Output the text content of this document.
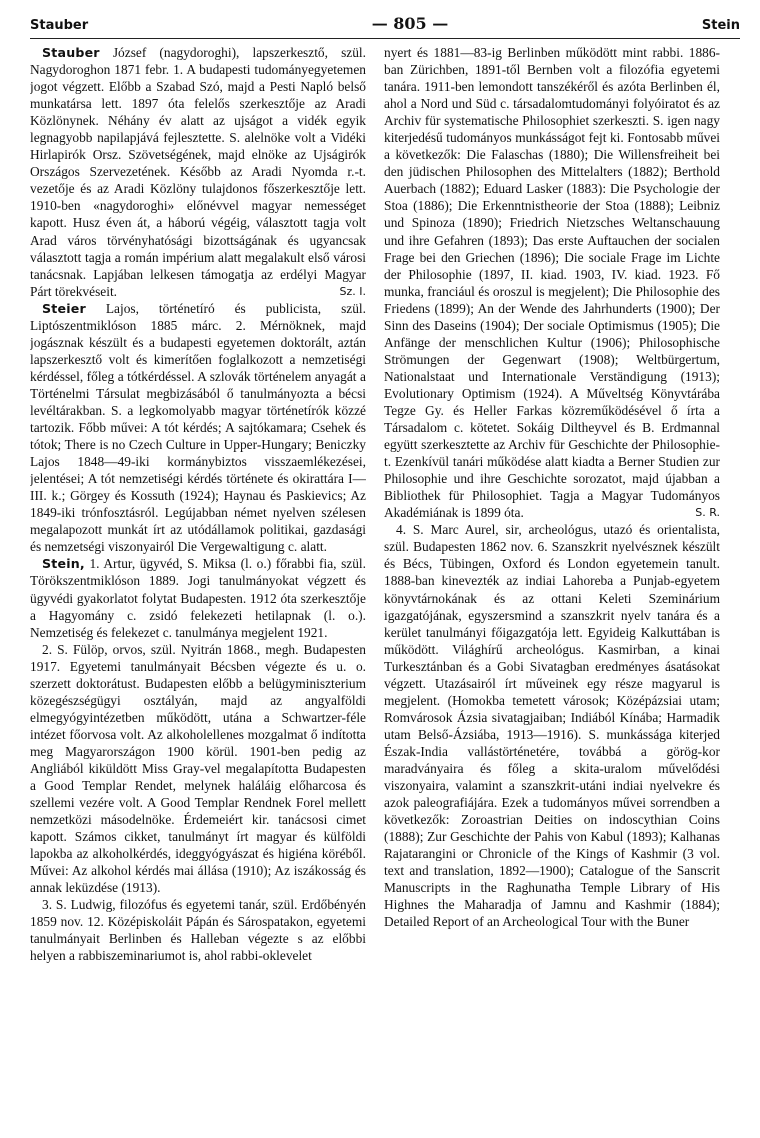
Stauber	— 805 —	Stein

Stauber József (nagydoroghi), lapszerkesztő, szül. Nagydoroghon 1871 febr. 1. A budapesti tudományegyetemen jogot végzett. Előbb a Szabad Szó, majd a Pesti Napló belső munkatársa lett. 1897 óta felelős szerkesztője az Aradi Közlönynek. Néhány év alatt az ujságot a vidék egyik legnagyobb napilapjává fejlesztette. S. alelnöke volt a Vidéki Hirlapirók Orsz. Szövetségének, majd elnöke az Ujságirók Országos Szervezetének. Később az Aradi Nyomda r.-t. vezetője és az Aradi Közlöny tulajdonos főszerkesztője lett. 1910-ben «nagydoroghi» előnévvel magyar nemességet kapott. Husz éven át, a háború végéig, választott tagja volt Arad város törvényhatósági bizottságának és ugyancsak választott tagja a román impérium alatt megalakult első városi tanácsnak. Lapjában lelkesen támogatja az erdélyi Magyar Párt törekvéseit.	Sz. I.

Steier Lajos, történetíró és publicista, szül. Liptószentmiklóson 1885 márc. 2. Mérnöknek, majd jogásznak készült és a budapesti egyetemen doktorált, aztán lapszerkesztő volt és kimerítően foglalkozott a nemzetiségi kérdéssel, főleg a tótkérdéssel. A szlovák történelem anyagát a Történelmi Társulat megbizásából ő tanulmányozta a bécsi levéltárakban. S. a legkomolyabb magyar történetírók közzé tartozik. Főbb művei: A tót kérdés; A sajtókamara; Csehek és tótok; There is no Czech Culture in Upper-Hungary; Beniczky Lajos 1848—49-iki kormánybiztos visszaemlékezései, jelentései; A tót nemzetiségi kérdés története és okirattára I—III. k.; Görgey és Kossuth (1924); Haynau és Paskievics; Az 1849-iki trónfosztásról. Legújabban német nyelven szélesen megalapozott munkát írt az utódállamok politikai, gazdasági és nemzetségi viszonyairól Die Vergewaltigung c. alatt.

Stein, 1. Artur, ügyvéd, S. Miksa (l. o.) főrabbi fia, szül. Törökszentmiklóson 1889. Jogi tanulmányokat végzett és ügyvédi gyakorlatot folytat Budapesten. 1912 óta szerkesztője a Hagyomány c. zsidó felekezeti hetilapnak (l. o.). Nemzetiség és felekezet c. tanulmánya megjelent 1921.

2. S. Fülöp, orvos, szül. Nyitrán 1868., megh. Budapesten 1917. Egyetemi tanulmányait Bécsben végezte és u. o. szerzett doktorátust. Budapesten előbb a belügyminiszterium közegészségügyi osztályán, majd az angyalföldi elmegyógyintézetben működött, utána a Schwartzer-féle intézet főorvosa volt. Az alkoholellenes mozgalmat ő indította meg Magyarországon 1900 körül. 1901-ben pedig az Angliából kiküldött Miss Gray-vel megalapította Budapesten a Good Templar Rendet, melynek haláláig előharcosa és szellemi vezére volt. A Good Templar Rendnek Forel mellett nemzetközi másodelnöke. Érdemeiért kir. tanácsosi cimet kapott. Számos cikket, tanulmányt írt magyar és külföldi lapokba az alkoholkérdés, ideggyógyászat és higiéna köréből. Művei: Az alkohol kérdés mai állása (1910); Az iszákosság és annak leküzdése (1913).

3. S. Ludwig, filozófus és egyetemi tanár, szül. Erdőbényén 1859 nov. 12. Középiskoláit Pápán és Sárospatakon, egyetemi tanulmányait Berlinben és Halleban végezte s az előbbi helyen a rabbiszeminariumot is, ahol rabbi-oklevelet

nyert és 1881—83-ig Berlinben működött mint rabbi. 1886-ban Zürichben, 1891-től Bernben volt a filozófia egyetemi tanára. 1911-ben lemondott tanszékéről és azóta Berlinben él, ahol a Nord und Süd c. társadalomtudományi folyóiratot és az Archiv für systematische Philosophiet szerkeszti. S. igen nagy kiterjedésű tudományos munkásságot fejt ki. Fontosabb művei a következők: Die Falaschas (1880); Die Willensfreiheit bei den jüdischen Philosophen des Mittelalters (1882); Berthold Auerbach (1882); Eduard Lasker (1883): Die Psychologie der Stoa (1886); Die Erkenntnistheorie der Stoa (1888); Leibniz und Spinoza (1890); Friedrich Nietzsches Weltanschauung und ihre Gefahren (1893); Das erste Auftauchen der socialen Frage bei den Griechen (1896); Die sociale Frage im Lichte der Philosophie (1897, II. kiad. 1903, IV. kiad. 1923. Fő munka, franciául és oroszul is megjelent); Die Philosophie des Friedens (1899); An der Wende des Jahrhunderts (1900); Der Sinn des Daseins (1904); Der sociale Optimismus (1905); Die Anfänge der menschlichen Kultur (1906); Philosophische Strömungen der Gegenwart (1908); Weltbürgertum, Nationalstaat und Internationale Verständigung (1913); Evolutionary Optimism (1924). A Műveltség Könyvtárába Tegze Gy. és Heller Farkas közreműködésével ő írta a Társadalom c. kötetet. Sokáig Diltheyvel és B. Erdmannal együtt szerkesztette az Archiv für Geschichte der Philosophie-t. Ezenkívül tanári működése alatt kiadta a Berner Studien zur Philosophie und ihre Geschichte sorozatot, majd újabban a Bibliothek für Philosophiet. Tagja a Magyar Tudományos Akadémiának is 1899 óta.	S. R.

4. S. Marc Aurel, sir, archeológus, utazó és orientalista, szül. Budapesten 1862 nov. 6. Szanszkrit nyelvésznek készült és Bécs, Tübingen, Oxford és London egyetemein tanult. 1888-ban kinevezték az indiai Lahoreba a Punjab-egyetem könyvtárnokának és az ottani Keleti Szeminárium igazgatójának, egyszersmind a szanszkrit nyelv tanára és a kerület tanulmányi főigazgatója lett. Egyideig Kalkuttában is működött. Világhírű archeológus. Kasmirban, a kinai Turkesztánban és a Gobi Sivatagban eredményes ásatásokat végzett. Utazásairól írt műveinek egy része magyarul is megjelent. (Homokba temetett városok; Középázsiai utam; Romvárosok Ázsia sivatagjaiban; Indiából Kínába; Harmadik utam Belső-Ázsiába, 1913—1916). S. munkássága kiterjed Észak-India vallástörténetére, továbbá a görög-kor maradványaira és főleg a skita-uralom művelődési viszonyaira, valamint a szanszkrit-utáni indiai nyelvekre és azok paleografiájára. Ezek a tudományos művei sorrendben a következők: Zoroastrian Deities on indoscythian Coins (1888); Zur Geschichte der Pahis von Kabul (1893); Kalhanas Rajatarangini or Chronicle of the Kings of Kashmir (3 vol. text and translation, 1892—1900); Catalogue of the Sanscrit Manuscripts in the Raghunatha Temple Library of His Highnes the Maharadja of Jamnu and Kashmir (1884); Detailed Report of an Archeological Tour with the Buner
